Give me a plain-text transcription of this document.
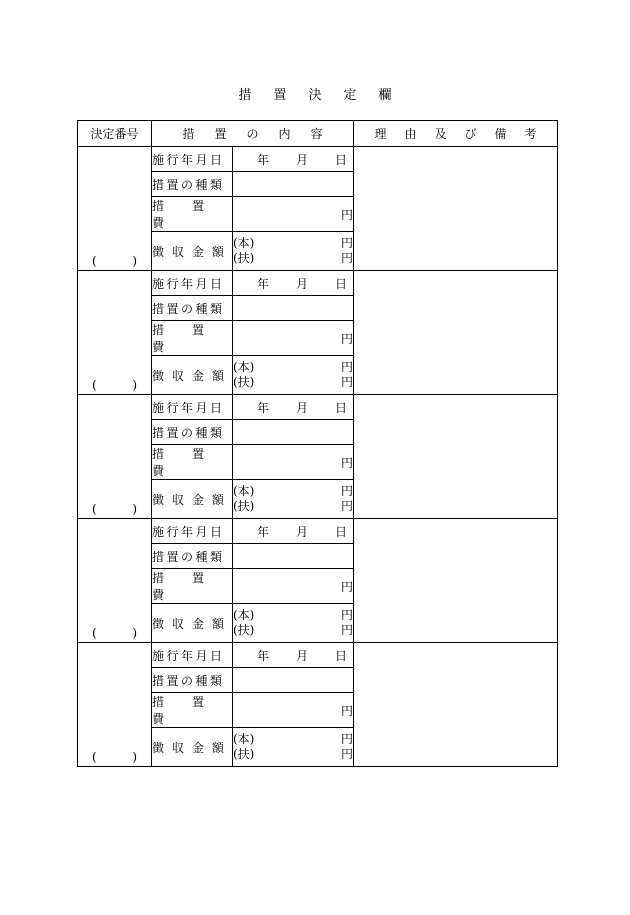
措置決定欄
決定番号	措置の内容		理由及び備考

( )	施行年月日	年 月 日	

	措置の種類		
	措置費	円	
	徴収金額	(本) 円
(扶) 円	

( )	施行年月日	年 月 日	

	措置の種類		
	措置費	円	
	徴収金額	(本) 円
(扶) 円	

( )	施行年月日	年 月 日	

	措置の種類		
	措置費	円	
	徴収金額	(本) 円
(扶) 円	

( )	施行年月日	年 月 日	

	措置の種類		
	措置費	円	
	徴収金額	(本) 円
(扶) 円	

( )	施行年月日	年 月 日	

	措置の種類		
	措置費	円	
	徴収金額	(本) 円
(扶) 円	
